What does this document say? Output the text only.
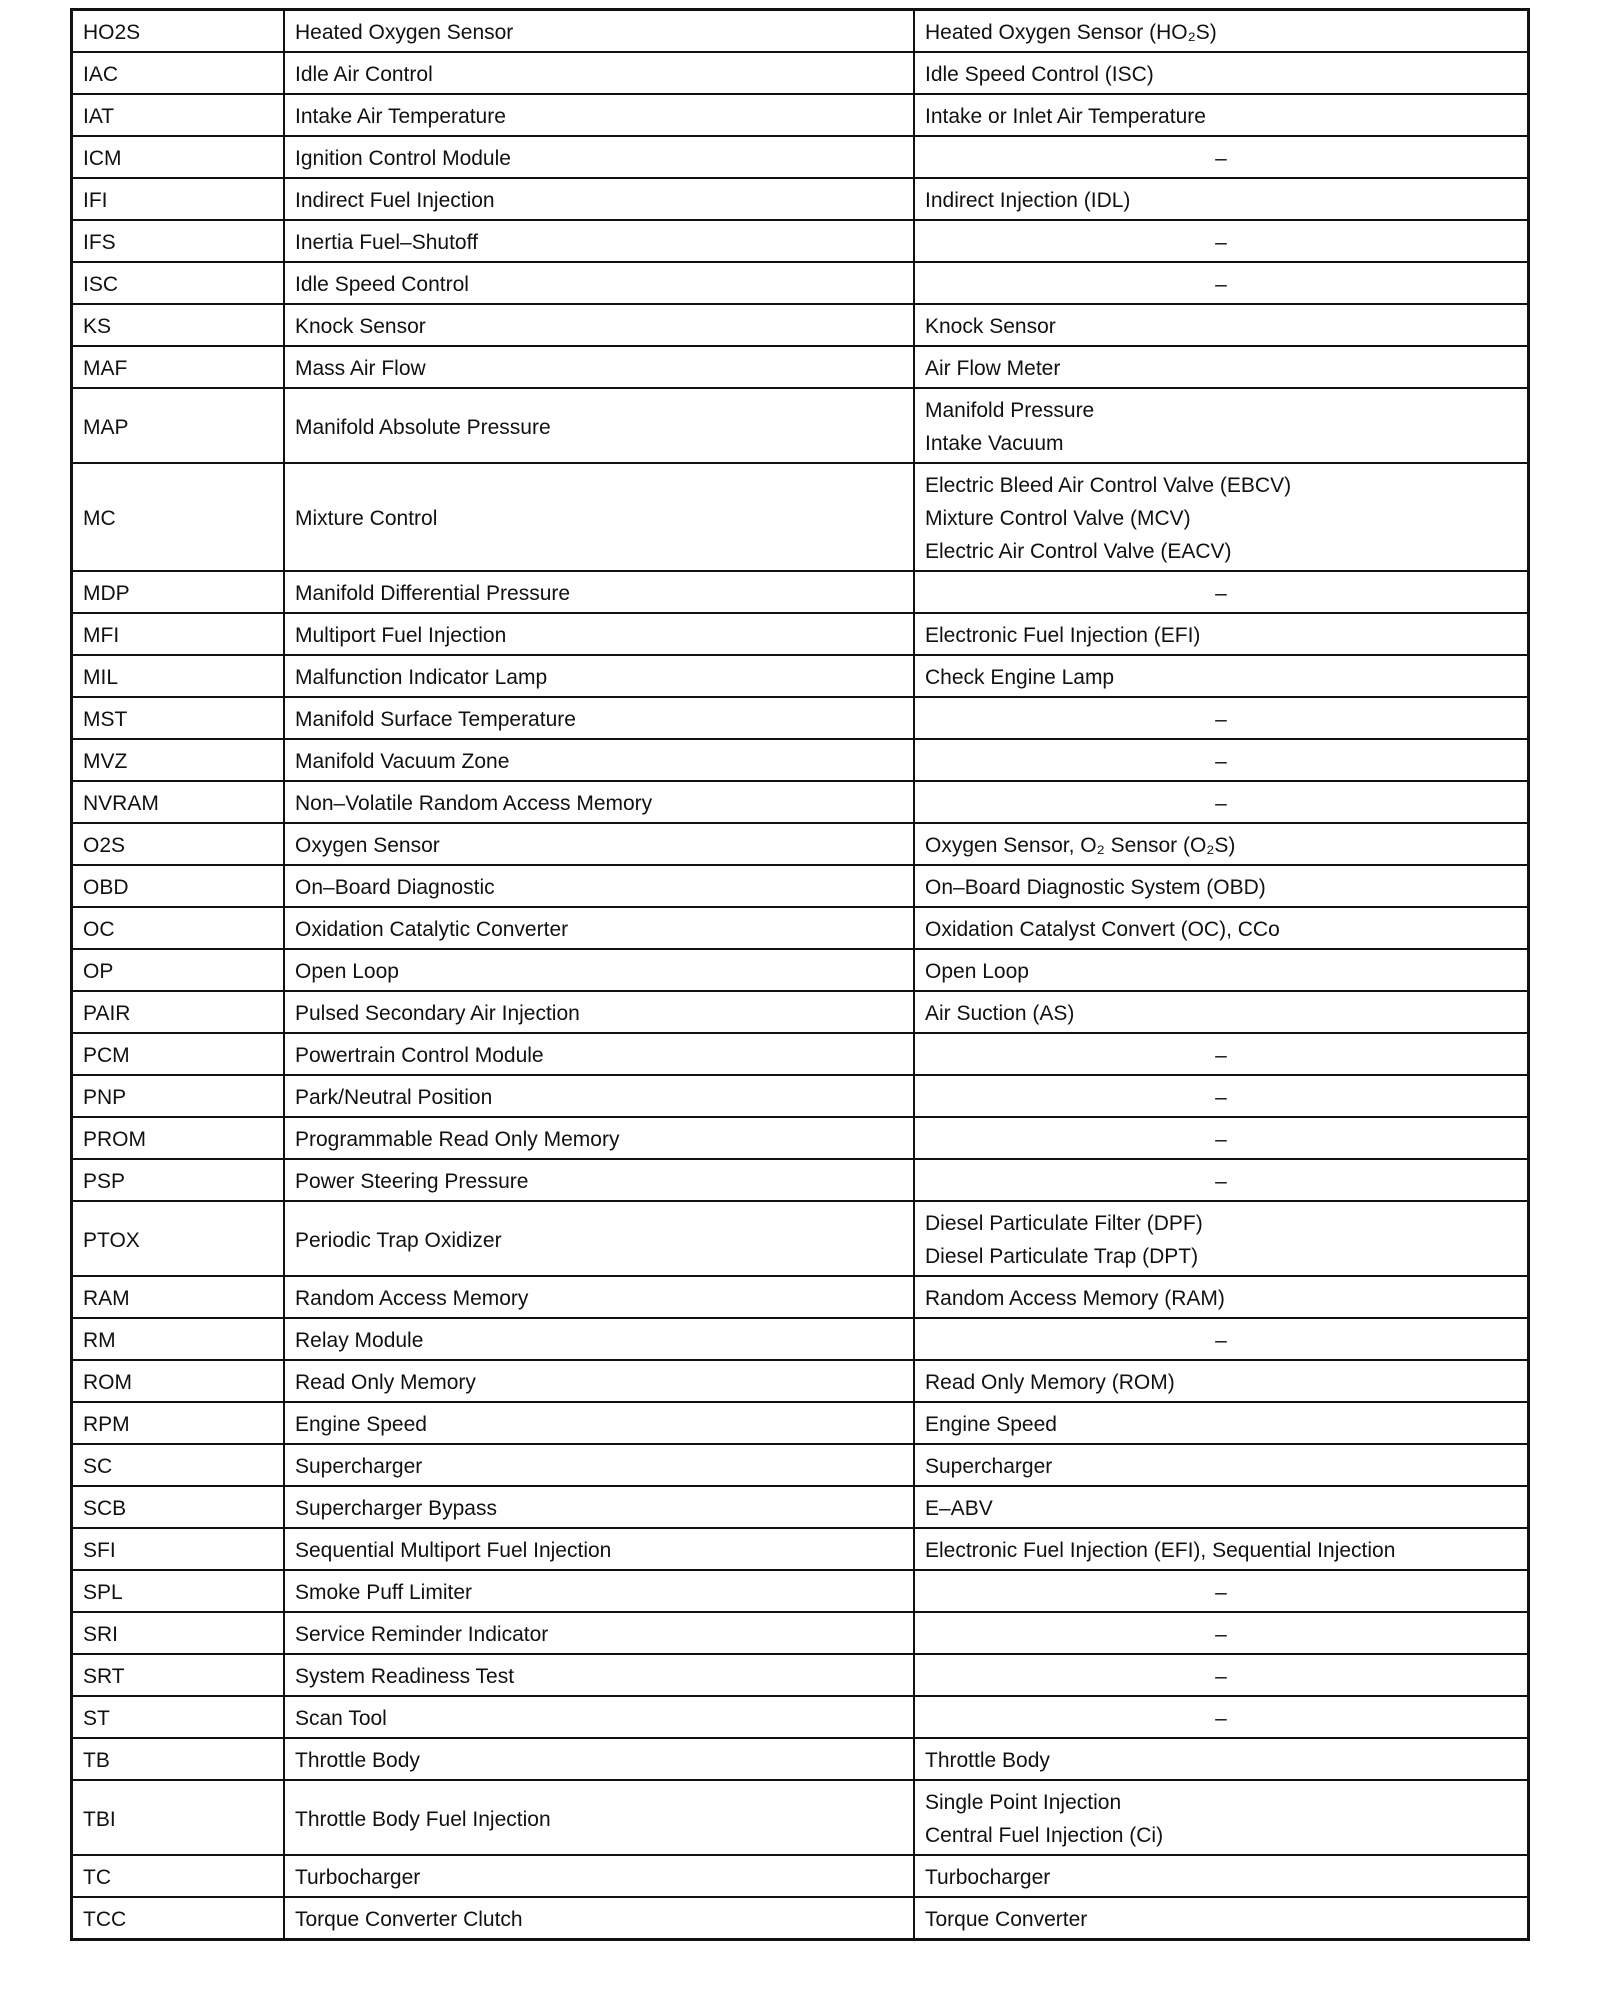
HO2S	Heated Oxygen Sensor	Heated Oxygen Sensor (HO₂S)

IAC	Idle Air Control	Idle Speed Control (ISC)

IAT	Intake Air Temperature	Intake or Inlet Air Temperature

ICM	Ignition Control Module	–

IFI	Indirect Fuel Injection	Indirect Injection (IDL)

IFS	Inertia Fuel–Shutoff	–

ISC	Idle Speed Control	–

KS	Knock Sensor	Knock Sensor

MAF	Mass Air Flow	Air Flow Meter

MAP	Manifold Absolute Pressure	Manifold Pressure
Intake Vacuum

MC	Mixture Control	Electric Bleed Air Control Valve (EBCV)
Mixture Control Valve (MCV)
Electric Air Control Valve (EACV)

MDP	Manifold Differential Pressure	–

MFI	Multiport Fuel Injection	Electronic Fuel Injection (EFI)

MIL	Malfunction Indicator Lamp	Check Engine Lamp

MST	Manifold Surface Temperature	–

MVZ	Manifold Vacuum Zone	–

NVRAM	Non–Volatile Random Access Memory	–

O2S	Oxygen Sensor	Oxygen Sensor, O₂ Sensor (O₂S)

OBD	On–Board Diagnostic	On–Board Diagnostic System (OBD)

OC	Oxidation Catalytic Converter	Oxidation Catalyst Convert (OC), CCo

OP	Open Loop	Open Loop

PAIR	Pulsed Secondary Air Injection	Air Suction (AS)

PCM	Powertrain Control Module	–

PNP	Park/Neutral Position	–

PROM	Programmable Read Only Memory	–

PSP	Power Steering Pressure	–

PTOX	Periodic Trap Oxidizer	Diesel Particulate Filter (DPF)
Diesel Particulate Trap (DPT)

RAM	Random Access Memory	Random Access Memory (RAM)

RM	Relay Module	–

ROM	Read Only Memory	Read Only Memory (ROM)

RPM	Engine Speed	Engine Speed

SC	Supercharger	Supercharger

SCB	Supercharger Bypass	E–ABV

SFI	Sequential Multiport Fuel Injection	Electronic Fuel Injection (EFI), Sequential Injection

SPL	Smoke Puff Limiter	–

SRI	Service Reminder Indicator	–

SRT	System Readiness Test	–

ST	Scan Tool	–

TB	Throttle Body	Throttle Body

TBI	Throttle Body Fuel Injection	Single Point Injection
Central Fuel Injection (Ci)

TC	Turbocharger	Turbocharger

TCC	Torque Converter Clutch	Torque Converter
